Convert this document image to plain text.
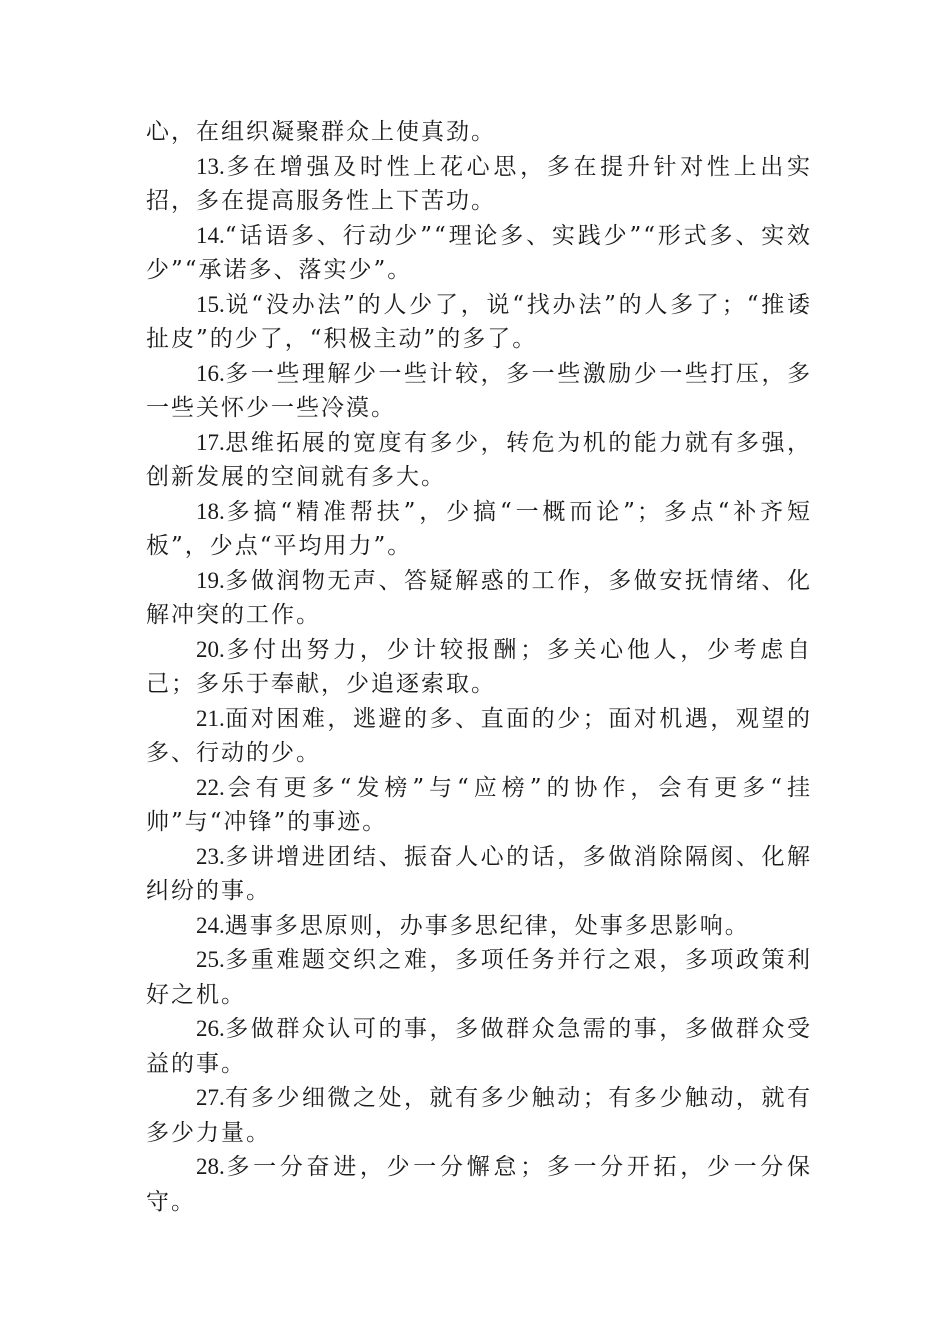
心，在组织凝聚群众上使真劲。

13.多在增强及时性上花心思，多在提升针对性上出实招，多在提高服务性上下苦功。

14.“话语多、行动少”“理论多、实践少”“形式多、实效少”“承诺多、落实少”。

15.说“没办法”的人少了，说“找办法”的人多了；“推诿扯皮”的少了，“积极主动”的多了。

16.多一些理解少一些计较，多一些激励少一些打压，多一些关怀少一些冷漠。

17.思维拓展的宽度有多少，转危为机的能力就有多强，创新发展的空间就有多大。

18.多搞“精准帮扶”，少搞“一概而论”；多点“补齐短板”，少点“平均用力”。

19.多做润物无声、答疑解惑的工作，多做安抚情绪、化解冲突的工作。

20.多付出努力，少计较报酬；多关心他人，少考虑自己；多乐于奉献，少追逐索取。

21.面对困难，逃避的多、直面的少；面对机遇，观望的多、行动的少。

22.会有更多“发榜”与“应榜”的协作，会有更多“挂帅”与“冲锋”的事迹。

23.多讲增进团结、振奋人心的话，多做消除隔阂、化解纠纷的事。

24.遇事多思原则，办事多思纪律，处事多思影响。

25.多重难题交织之难，多项任务并行之艰，多项政策利好之机。

26.多做群众认可的事，多做群众急需的事，多做群众受益的事。

27.有多少细微之处，就有多少触动；有多少触动，就有多少力量。

28.多一分奋进，少一分懈怠；多一分开拓，少一分保守。
